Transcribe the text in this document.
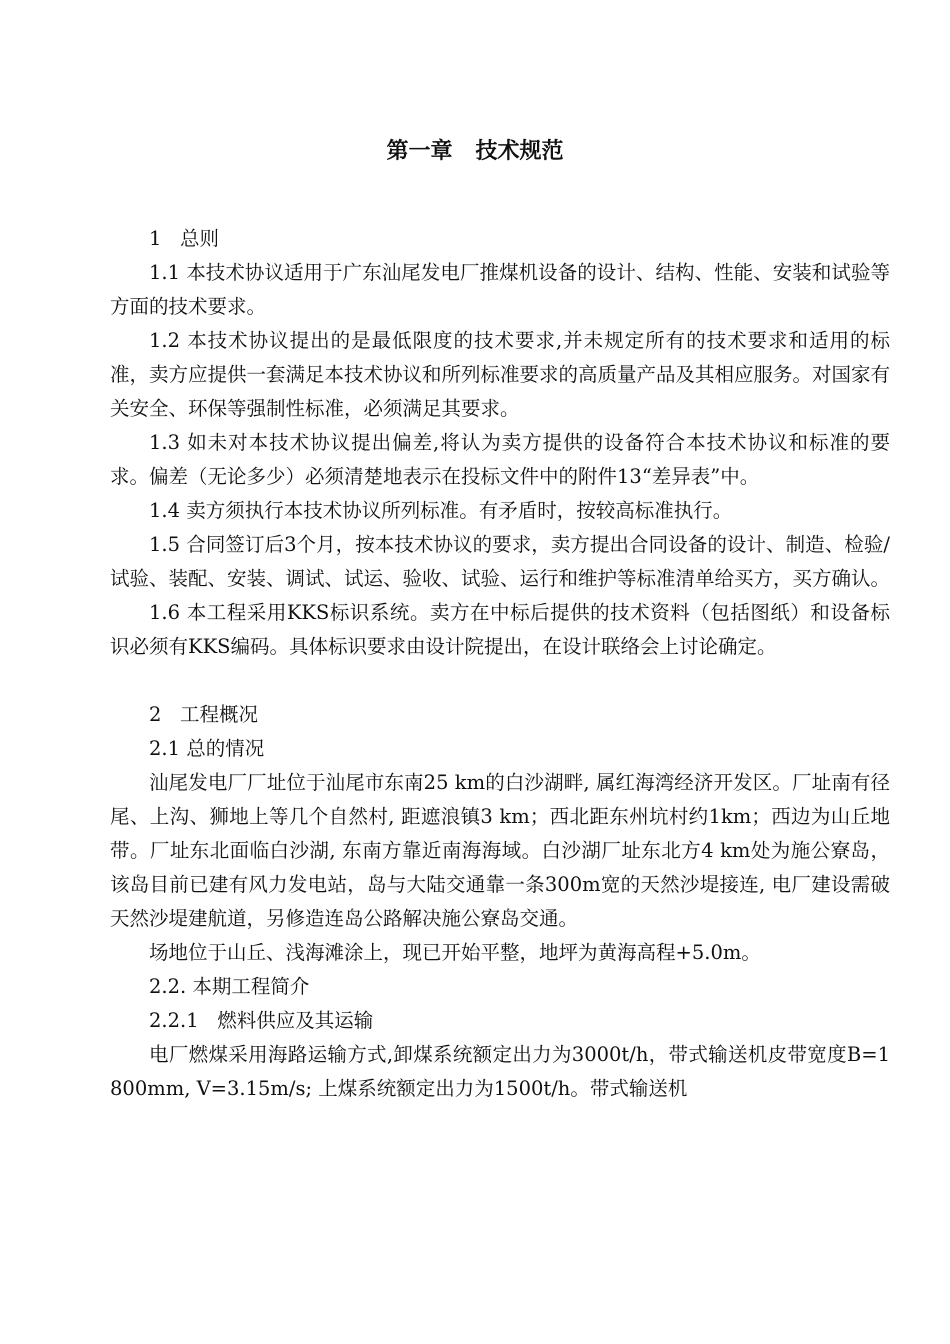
第一章   技术规范

1   总则

1.1 本技术协议适用于广东汕尾发电厂推煤机设备的设计、结构、性能、安装和试验等方面的技术要求。

1.2 本技术协议提出的是最低限度的技术要求,并未规定所有的技术要求和适用的标准，卖方应提供一套满足本技术协议和所列标准要求的高质量产品及其相应服务。对国家有关安全、环保等强制性标准，必须满足其要求。

1.3 如未对本技术协议提出偏差,将认为卖方提供的设备符合本技术协议和标准的要求。偏差（无论多少）必须清楚地表示在投标文件中的附件13“差异表”中。

1.4 卖方须执行本技术协议所列标准。有矛盾时，按较高标准执行。

1.5 合同签订后3个月，按本技术协议的要求，卖方提出合同设备的设计、制造、检验/试验、装配、安装、调试、试运、验收、试验、运行和维护等标准清单给买方，买方确认。

1.6 本工程采用KKS标识系统。卖方在中标后提供的技术资料（包括图纸）和设备标识必须有KKS编码。具体标识要求由设计院提出，在设计联络会上讨论确定。

2   工程概况

2.1 总的情况

汕尾发电厂厂址位于汕尾市东南25 km的白沙湖畔, 属红海湾经济开发区。厂址南有径尾、上沟、狮地上等几个自然村, 距遮浪镇3 km；西北距东州坑村约1km；西边为山丘地带。厂址东北面临白沙湖, 东南方靠近南海海域。白沙湖厂址东北方4 km处为施公寮岛，该岛目前已建有风力发电站，岛与大陆交通靠一条300m宽的天然沙堤接连, 电厂建设需破天然沙堤建航道，另修造连岛公路解决施公寮岛交通。

场地位于山丘、浅海滩涂上，现已开始平整，地坪为黄海高程+5.0m。

2.2. 本期工程简介

2.2.1   燃料供应及其运输

电厂燃煤采用海路运输方式,卸煤系统额定出力为3000t/h，带式输送机皮带宽度B=1800mm, V=3.15m/s; 上煤系统额定出力为1500t/h。带式输送机
